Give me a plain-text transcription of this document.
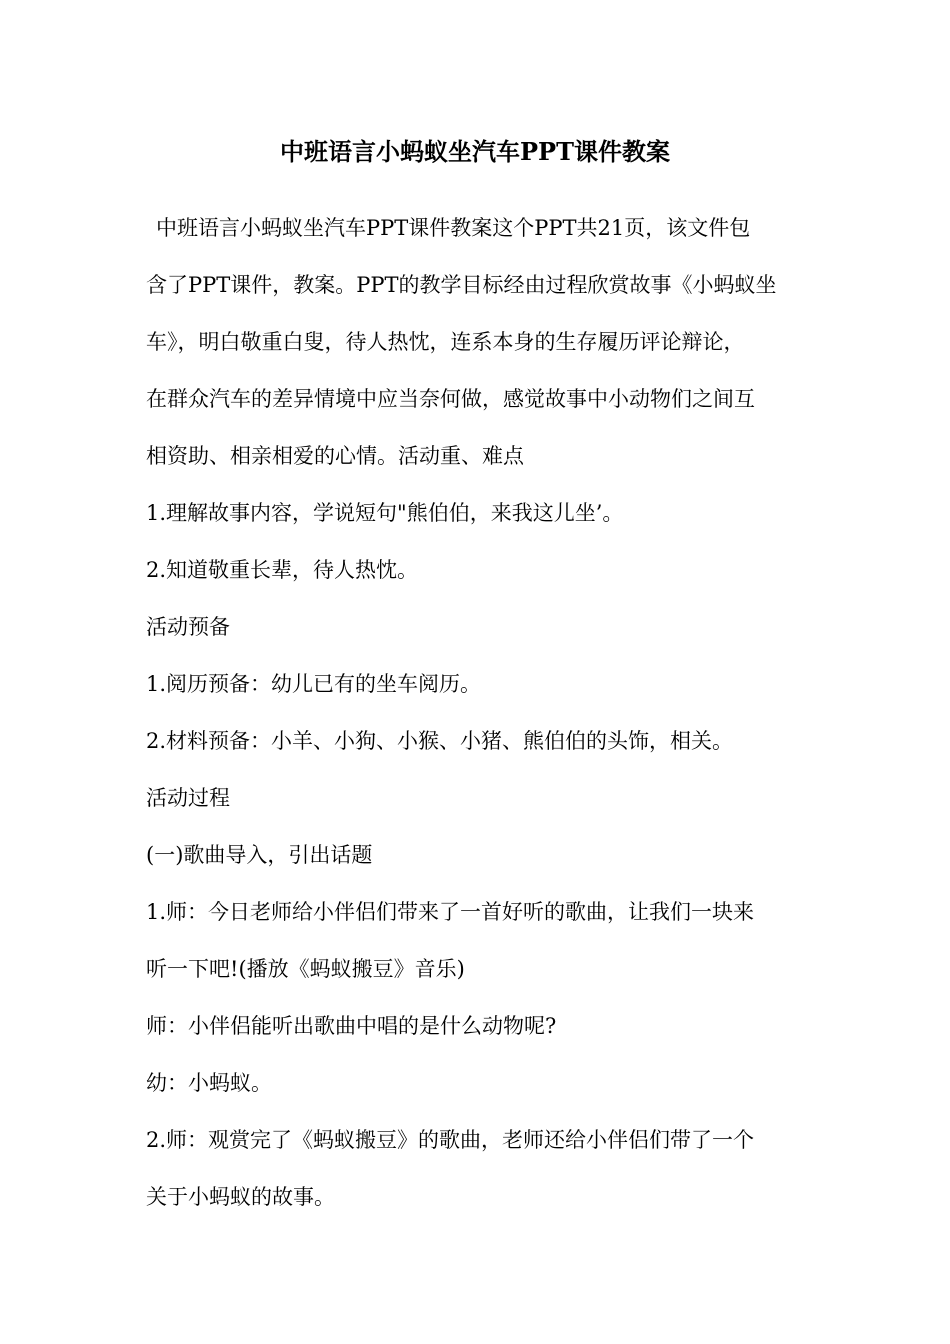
中班语言小蚂蚁坐汽车PPT课件教案

中班语言小蚂蚁坐汽车PPT课件教案这个PPT共21页，该文件包

含了PPT课件，教案。PPT的教学目标经由过程欣赏故事《小蚂蚁坐

车》，明白敬重白叟，待人热忱，连系本身的生存履历评论辩论，

在群众汽车的差异情境中应当奈何做，感觉故事中小动物们之间互

相资助、相亲相爱的心情。活动重、难点

1.理解故事内容，学说短句"熊伯伯，来我这儿坐’。

2.知道敬重长辈，待人热忱。

活动预备

1.阅历预备：幼儿已有的坐车阅历。

2.材料预备：小羊、小狗、小猴、小猪、熊伯伯的头饰，相关。

活动过程

(一)歌曲导入，引出话题

1.师：今日老师给小伴侣们带来了一首好听的歌曲，让我们一块来

听一下吧!(播放《蚂蚁搬豆》音乐)

师：小伴侣能听出歌曲中唱的是什么动物呢?

幼：小蚂蚁。

2.师：观赏完了《蚂蚁搬豆》的歌曲，老师还给小伴侣们带了一个

关于小蚂蚁的故事。
